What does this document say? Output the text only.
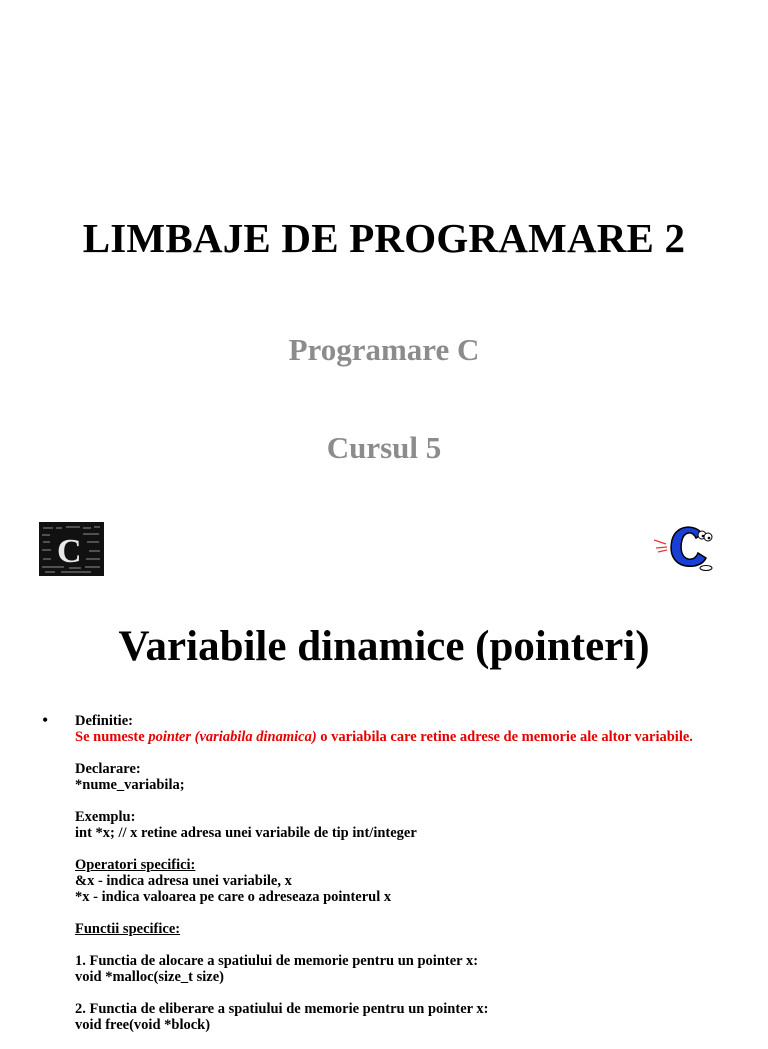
LIMBAJE DE PROGRAMARE 2
Programare C
Cursul 5
C
Variabile dinamice (pointeri)
• Definitie:
Se numeste pointer (variabila dinamica) o variabila care retine adrese de memorie ale altor variabile.

Declarare:
*nume_variabila;

Exemplu:
int *x; // x retine adresa unei variabile de tip int/integer

Operatori specifici:
&x - indica adresa unei variabile, x
*x - indica valoarea pe care o adreseaza pointerul x

Functii specifice:

1. Functia de alocare a spatiului de memorie pentru un pointer x:
void *malloc(size_t size)

2. Functia de eliberare a spatiului de memorie pentru un pointer x:
void free(void *block)
